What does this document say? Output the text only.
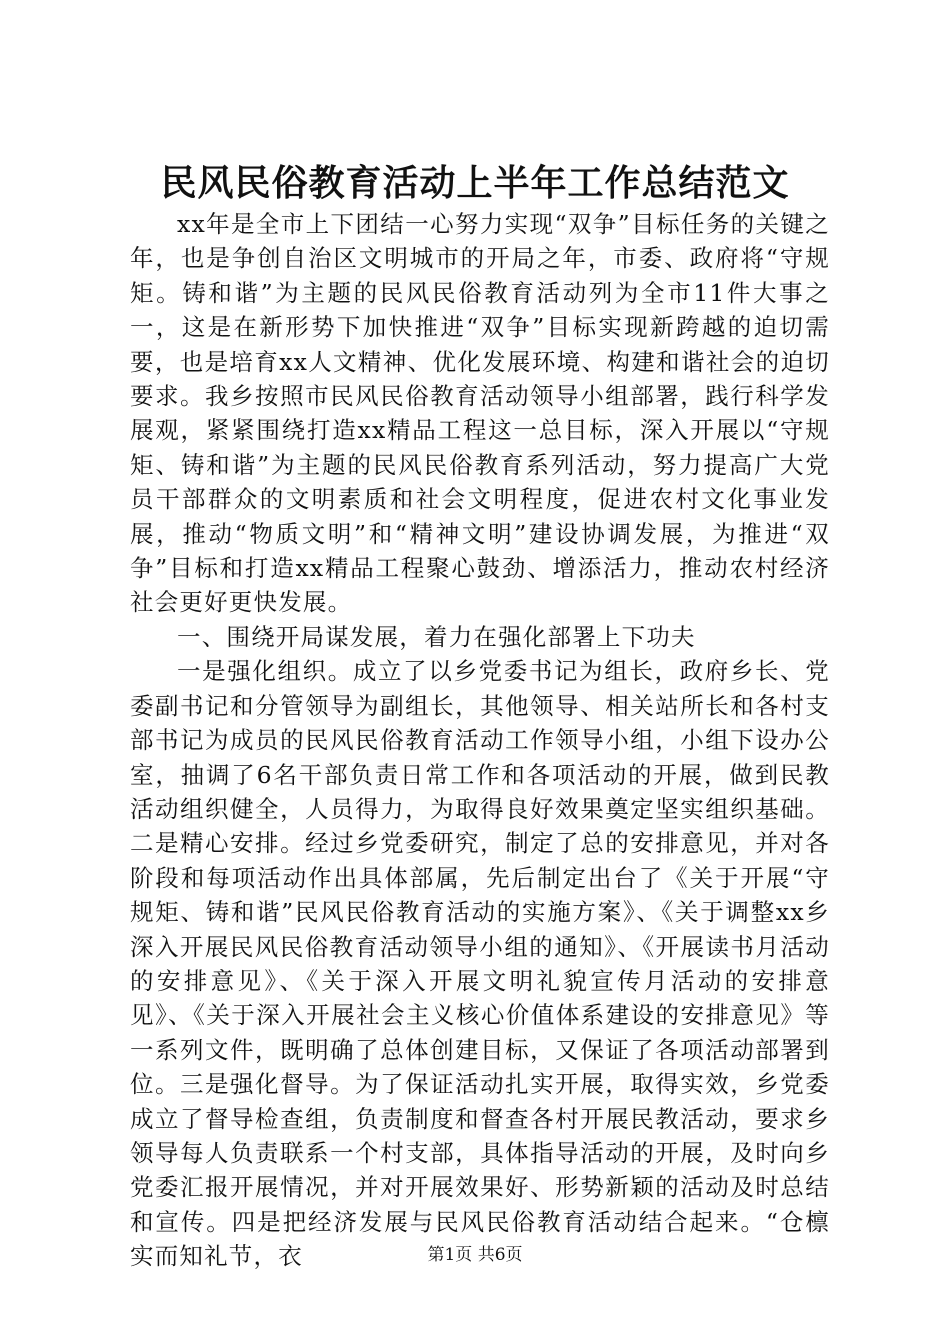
民风民俗教育活动上半年工作总结范文

xx年是全市上下团结一心努力实现“双争”目标任务的关键之年，也是争创自治区文明城市的开局之年，市委、政府将“守规矩。铸和谐”为主题的民风民俗教育活动列为全市11件大事之一，这是在新形势下加快推进“双争”目标实现新跨越的迫切需要，也是培育xx人文精神、优化发展环境、构建和谐社会的迫切要求。我乡按照市民风民俗教育活动领导小组部署，践行科学发展观，紧紧围绕打造xx精品工程这一总目标，深入开展以“守规矩、铸和谐”为主题的民风民俗教育系列活动，努力提高广大党员干部群众的文明素质和社会文明程度，促进农村文化事业发展，推动“物质文明”和“精神文明”建设协调发展，为推进“双争”目标和打造xx精品工程聚心鼓劲、增添活力，推动农村经济社会更好更快发展。

一、围绕开局谋发展，着力在强化部署上下功夫

一是强化组织。成立了以乡党委书记为组长，政府乡长、党委副书记和分管领导为副组长，其他领导、相关站所长和各村支部书记为成员的民风民俗教育活动工作领导小组，小组下设办公室，抽调了6名干部负责日常工作和各项活动的开展，做到民教活动组织健全，人员得力，为取得良好效果奠定坚实组织基础。二是精心安排。经过乡党委研究，制定了总的安排意见，并对各阶段和每项活动作出具体部属，先后制定出台了《关于开展“守规矩、铸和谐”民风民俗教育活动的实施方案》、《关于调整xx乡深入开展民风民俗教育活动领导小组的通知》、《开展读书月活动的安排意见》、《关于深入开展文明礼貌宣传月活动的安排意见》、《关于深入开展社会主义核心价值体系建设的安排意见》等一系列文件，既明确了总体创建目标，又保证了各项活动部署到位。三是强化督导。为了保证活动扎实开展，取得实效，乡党委成立了督导检查组，负责制度和督查各村开展民教活动，要求乡领导每人负责联系一个村支部，具体指导活动的开展，及时向乡党委汇报开展情况，并对开展效果好、形势新颖的活动及时总结和宣传。四是把经济发展与民风民俗教育活动结合起来。“仓檩实而知礼节，衣	第1页 共6页
